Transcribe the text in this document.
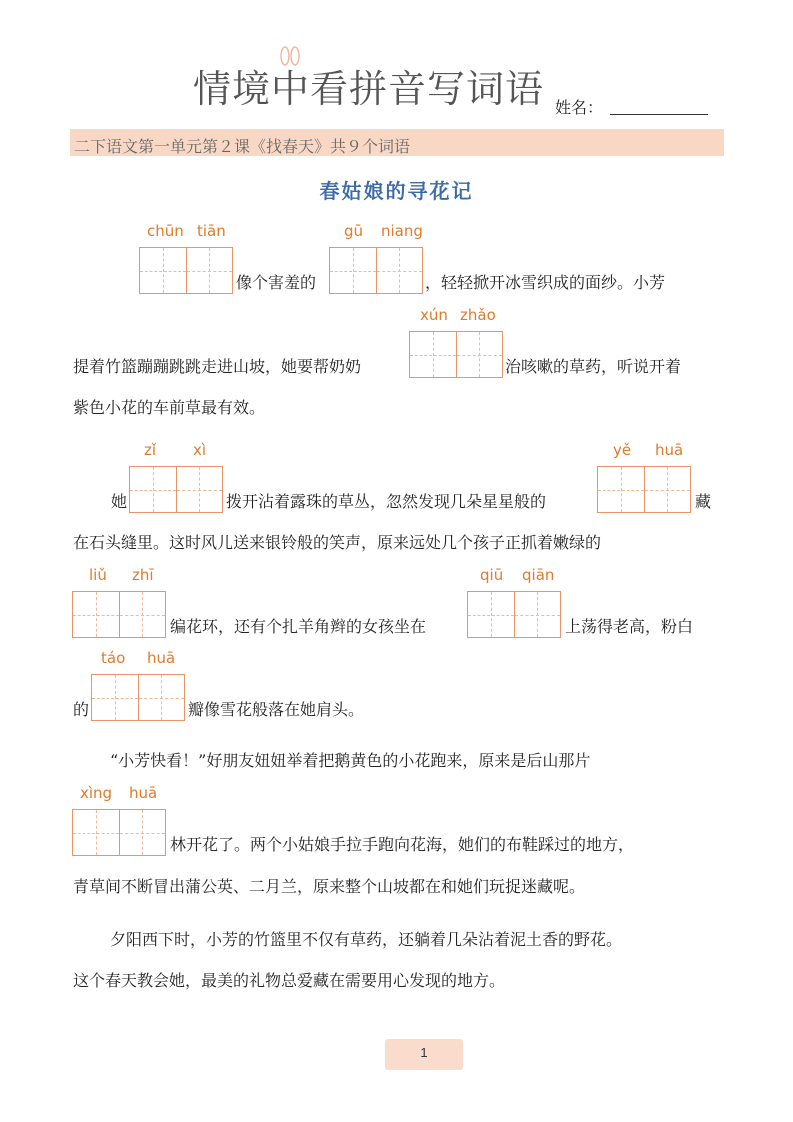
情境中看拼音写词语 姓名：
二下语文第一单元第２课《找春天》共９个词语
春姑娘的寻花记
chūn tiān
像个害羞的
gū niang
，轻轻掀开冰雪织成的面纱。小芳
xún zhǎo
提着竹篮蹦蹦跳跳走进山坡，她要帮奶奶	治咳嗽的草药，听说开着
紫色小花的车前草最有效。
zǐ xì
她	拨开沾着露珠的草丛，忽然发现几朵星星般的
yě huā
藏
在石头缝里。这时风儿送来银铃般的笑声，原来远处几个孩子正抓着嫩绿的
liǔ zhī
编花环，还有个扎羊角辫的女孩坐在
qiū qiān
上荡得老高，粉白
táo huā
的	瓣像雪花般落在她肩头。
“小芳快看！”好朋友妞妞举着把鹅黄色的小花跑来，原来是后山那片
xìng huā
林开花了。两个小姑娘手拉手跑向花海，她们的布鞋踩过的地方，
青草间不断冒出蒲公英、二月兰，原来整个山坡都在和她们玩捉迷藏呢。
夕阳西下时，小芳的竹篮里不仅有草药，还躺着几朵沾着泥土香的野花。
这个春天教会她，最美的礼物总爱藏在需要用心发现的地方。
1
